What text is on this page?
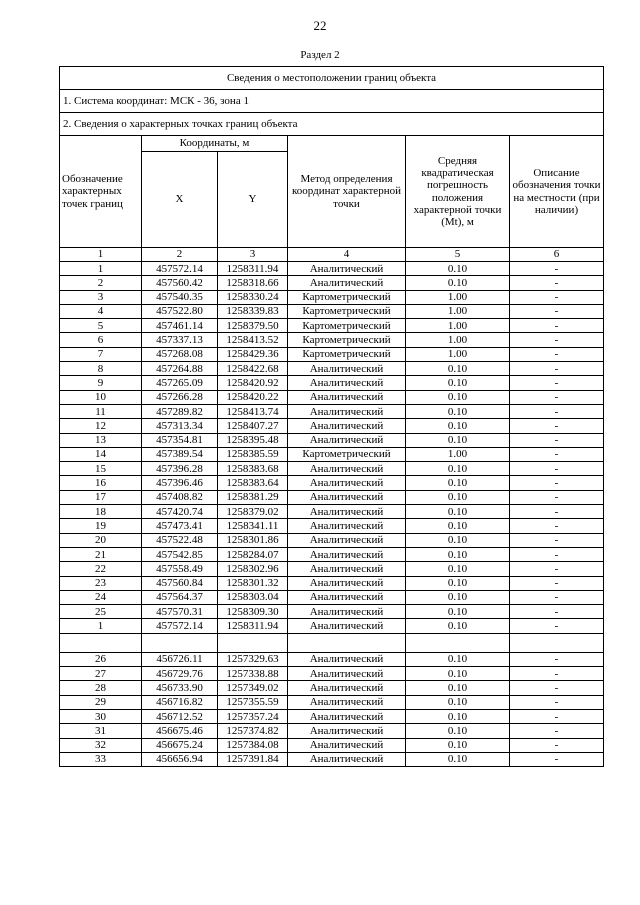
22
Раздел 2
Сведения о местоположении границ объекта					
1. Система координат: МСК - 36, зона 1					
2. Сведения о характерных точках границ объекта					
Обозначение характерных точек границ	Координаты, м		Метод определения координат характерной точки	Средняя квадратическая погрешность положения характерной точки (Mt), м	Описание обозначения точки на местности (при наличии)
	X	Y			
1	2	3	4	5	6
1	457572.14	1258311.94	Аналитический	0.10	-
2	457560.42	1258318.66	Аналитический	0.10	-
3	457540.35	1258330.24	Картометрический	1.00	-
4	457522.80	1258339.83	Картометрический	1.00	-
5	457461.14	1258379.50	Картометрический	1.00	-
6	457337.13	1258413.52	Картометрический	1.00	-
7	457268.08	1258429.36	Картометрический	1.00	-
8	457264.88	1258422.68	Аналитический	0.10	-
9	457265.09	1258420.92	Аналитический	0.10	-
10	457266.28	1258420.22	Аналитический	0.10	-
11	457289.82	1258413.74	Аналитический	0.10	-
12	457313.34	1258407.27	Аналитический	0.10	-
13	457354.81	1258395.48	Аналитический	0.10	-
14	457389.54	1258385.59	Картометрический	1.00	-
15	457396.28	1258383.68	Аналитический	0.10	-
16	457396.46	1258383.64	Аналитический	0.10	-
17	457408.82	1258381.29	Аналитический	0.10	-
18	457420.74	1258379.02	Аналитический	0.10	-
19	457473.41	1258341.11	Аналитический	0.10	-
20	457522.48	1258301.86	Аналитический	0.10	-
21	457542.85	1258284.07	Аналитический	0.10	-
22	457558.49	1258302.96	Аналитический	0.10	-
23	457560.84	1258301.32	Аналитический	0.10	-
24	457564.37	1258303.04	Аналитический	0.10	-
25	457570.31	1258309.30	Аналитический	0.10	-
1	457572.14	1258311.94	Аналитический	0.10	-

26	456726.11	1257329.63	Аналитический	0.10	-
27	456729.76	1257338.88	Аналитический	0.10	-
28	456733.90	1257349.02	Аналитический	0.10	-
29	456716.82	1257355.59	Аналитический	0.10	-
30	456712.52	1257357.24	Аналитический	0.10	-
31	456675.46	1257374.82	Аналитический	0.10	-
32	456675.24	1257384.08	Аналитический	0.10	-
33	456656.94	1257391.84	Аналитический	0.10	-
